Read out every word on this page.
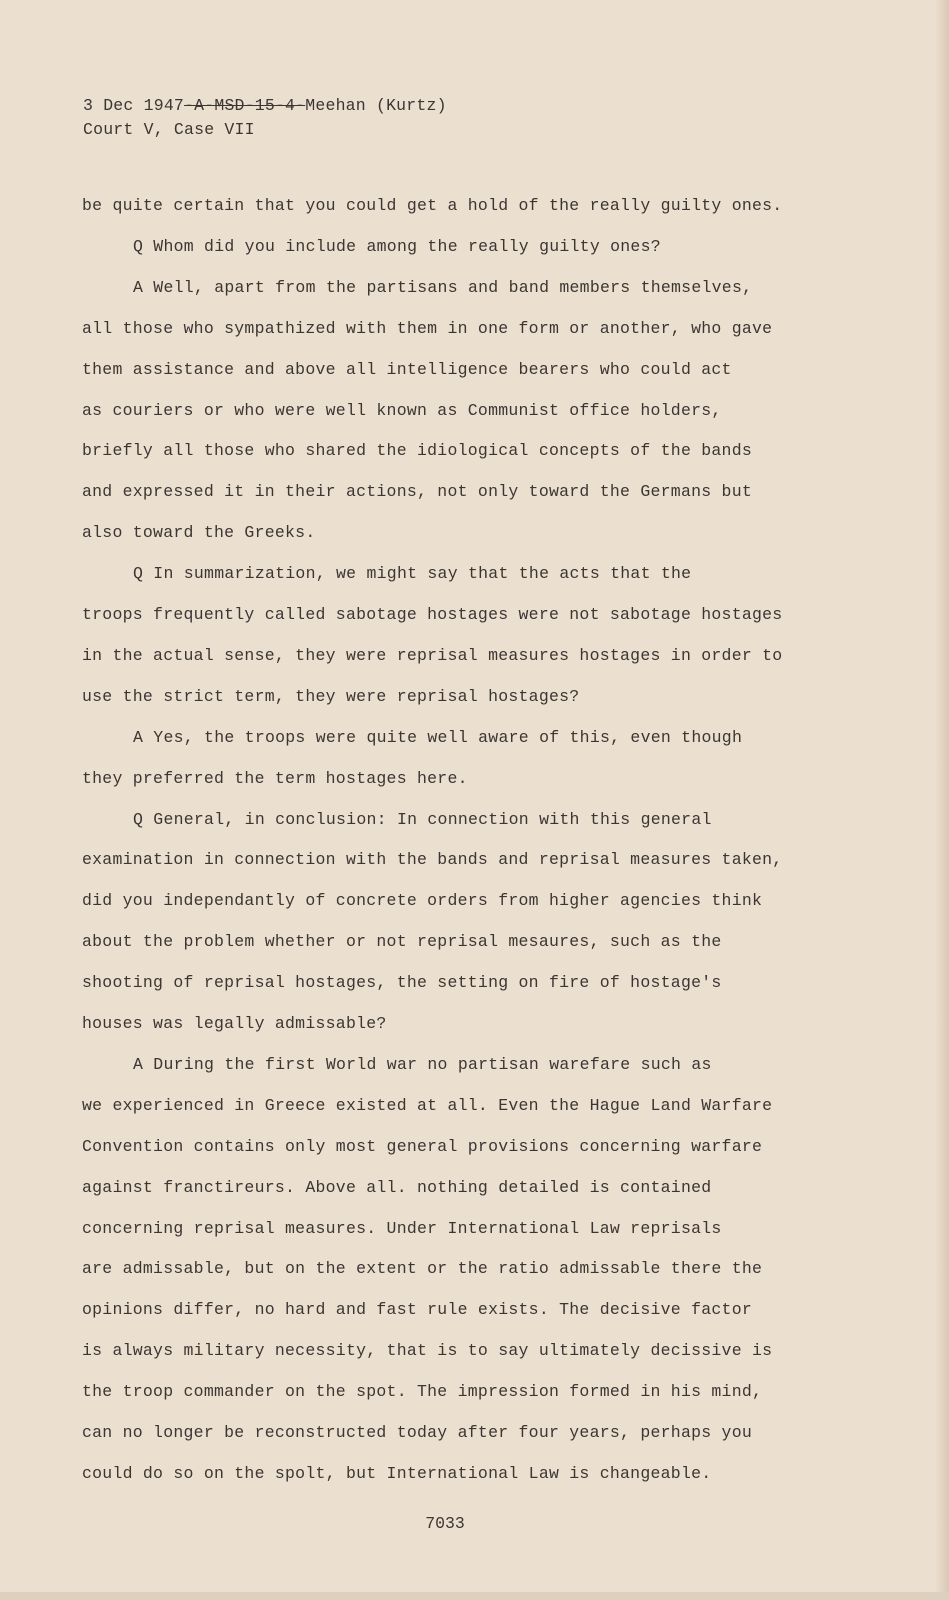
3 Dec 1947-A-MSD-15-4-Meehan (Kurtz)
Court V, Case VII
be quite certain that you could get a hold of the really guilty ones.
Q Whom did you include among the really guilty ones?
A Well, apart from the partisans and band members themselves,
all those who sympathized with them in one form or another, who gave
them assistance and above all intelligence bearers who could act
as couriers or who were well known as Communist office holders,
briefly all those who shared the idiological concepts of the bands
and expressed it in their actions, not only toward the Germans but
also toward the Greeks.
Q In summarization, we might say that the acts that the
troops frequently called sabotage hostages were not sabotage hostages
in the actual sense, they were reprisal measures hostages in order to
use the strict term, they were reprisal hostages?
A Yes, the troops were quite well aware of this, even though
they preferred the term hostages here.
Q General, in conclusion: In connection with this general
examination in connection with the bands and reprisal measures taken,
did you independantly of concrete orders from higher agencies think
about the problem whether or not reprisal mesaures, such as the
shooting of reprisal hostages, the setting on fire of hostage's
houses was legally admissable?
A During the first World war no partisan warefare such as
we experienced in Greece existed at all. Even the Hague Land Warfare
Convention contains only most general provisions concerning warfare
against franctireurs. Above all. nothing detailed is contained
concerning reprisal measures. Under International Law reprisals
are admissable, but on the extent or the ratio admissable there the
opinions differ, no hard and fast rule exists. The decisive factor
is always military necessity, that is to say ultimately decissive is
the troop commander on the spot. The impression formed in his mind,
can no longer be reconstructed today after four years, perhaps you
could do so on the spolt, but International Law is changeable.
7033
